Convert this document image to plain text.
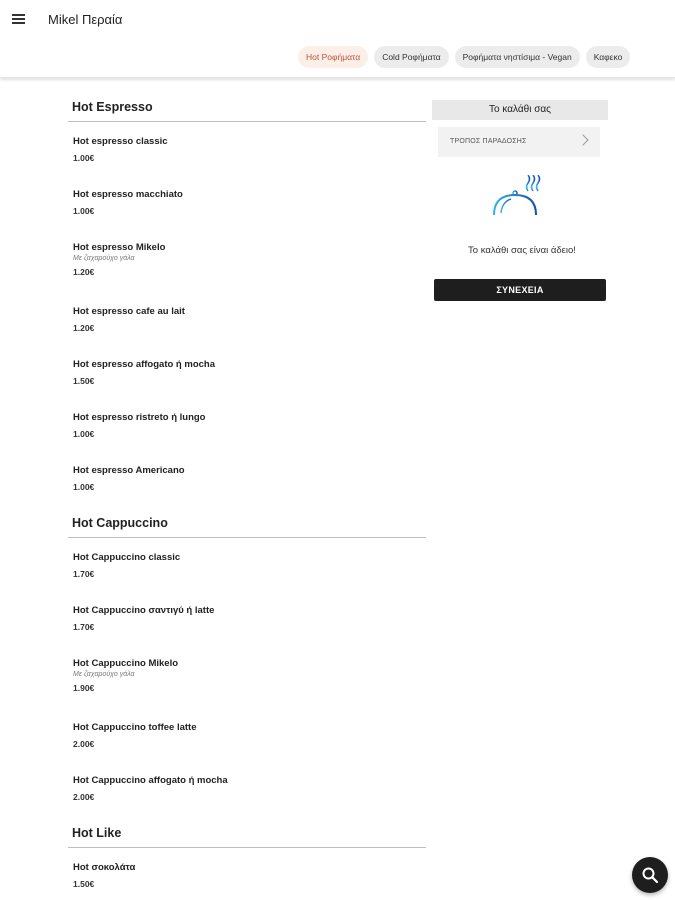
Mikel Περαία
Hot Ροφήματα	Cold Ροφήματα	Ροφήματα νηστίσιμα - Vegan	Καφεκο
Hot Espresso
Hot espresso classic
1.00€
Hot espresso macchiato
1.00€
Hot espresso Mikelo
Με ζαχαρούχο γάλα
1.20€
Hot espresso cafe au lait
1.20€
Hot espresso affogato ή mocha
1.50€
Hot espresso ristreto ή lungo
1.00€
Hot espresso Americano
1.00€
Hot Cappuccino
Hot Cappuccino classic
1.70€
Hot Cappuccino σαντιγύ ή latte
1.70€
Hot Cappuccino Mikelo
Με ζαχαρούχο γάλα
1.90€
Hot Cappuccino toffee latte
2.00€
Hot Cappuccino affogato ή mocha
2.00€
Hot Like
Hot σοκολάτα
1.50€
Το καλάθι σας
ΤΡΟΠΟΣ ΠΑΡΑΔΟΣΗΣ
Το καλάθι σας είναι άδειο!
ΣΥΝΕΧΕΙΑ
